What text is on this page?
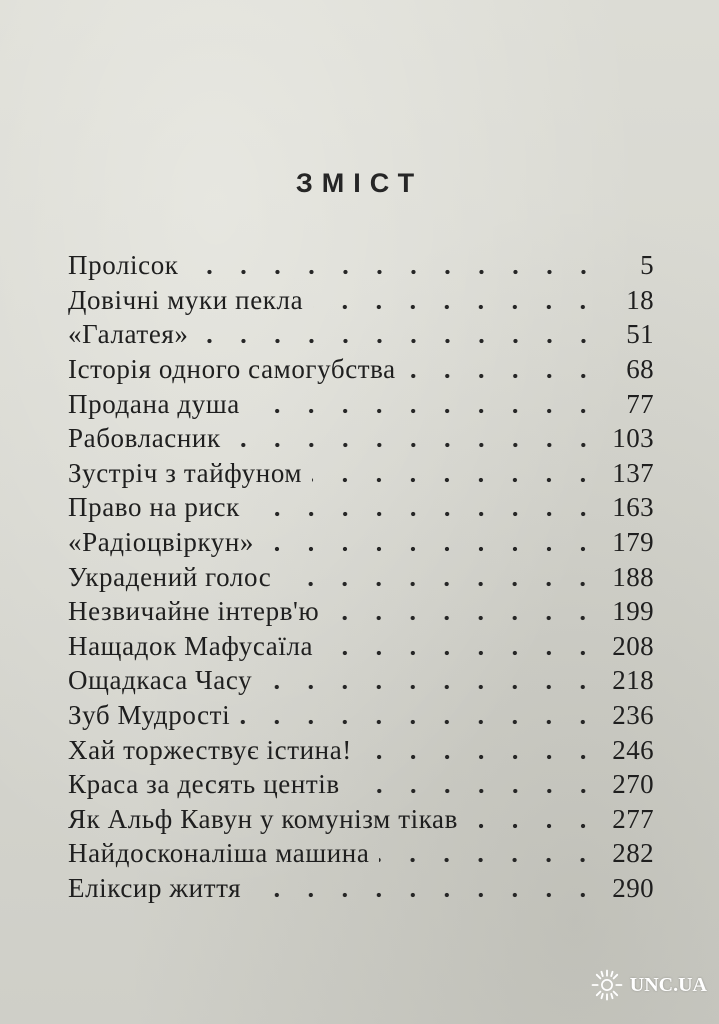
ЗМІСТ
Пролісок	5
Довічні муки пекла	18
«Галатея»	51
Історія одного самогубства	68
Продана душа	77
Рабовласник	103
Зустріч з тайфуном	137
Право на риск	163
«Радіоцвіркун»	179
Украдений голос	188
Незвичайне інтерв'ю	199
Нащадок Мафусаїла	208
Ощадкаса Часу	218
Зуб Мудрості	236
Хай торжествує істина!	246
Краса за десять центів	270
Як Альф Кавун у комунізм тікав	277
Найдосконаліша машина	282
Еліксир життя	290
UNC.UA
